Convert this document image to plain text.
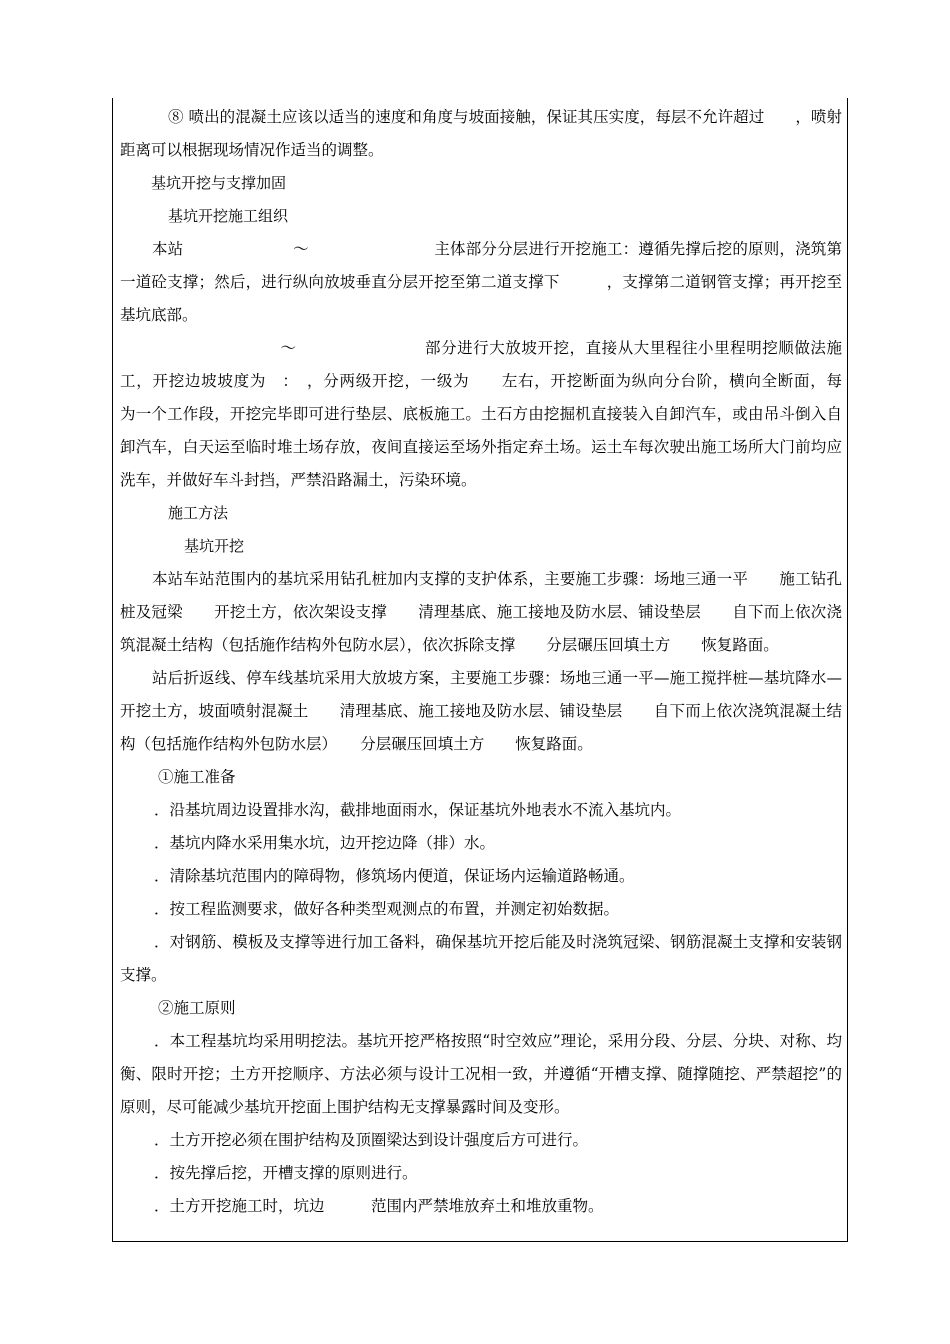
⑧ 喷出的混凝土应该以适当的速度和角度与坡面接触，保证其压实度，每层不允许超过　　，喷射距离可以根据现场情况作适当的调整。

基坑开挖与支撑加固

基坑开挖施工组织

本站　　　　　　　～　　　　　　　　主体部分分层进行开挖施工：遵循先撑后挖的原则，浇筑第一道砼支撑；然后，进行纵向放坡垂直分层开挖至第二道支撑下　　　，支撑第二道钢管支撑；再开挖至基坑底部。

　　　　　　　　～　　　　　　　　部分进行大放坡开挖，直接从大里程往小里程明挖顺做法施工，开挖边坡坡度为　：　，分两级开挖，一级为　　左右，开挖断面为纵向分台阶，横向全断面，每　　为一个工作段，开挖完毕即可进行垫层、底板施工。土石方由挖掘机直接装入自卸汽车，或由吊斗倒入自卸汽车，白天运至临时堆土场存放，夜间直接运至场外指定弃土场。运土车每次驶出施工场所大门前均应洗车，并做好车斗封挡，严禁沿路漏土，污染环境。

施工方法

基坑开挖

本站车站范围内的基坑采用钻孔桩加内支撑的支护体系，主要施工步骤：场地三通一平　　施工钻孔桩及冠梁　　开挖土方，依次架设支撑　　清理基底、施工接地及防水层、铺设垫层　　自下而上依次浇筑混凝土结构（包括施作结构外包防水层），依次拆除支撑　　分层碾压回填土方　　恢复路面。

站后折返线、停车线基坑采用大放坡方案，主要施工步骤：场地三通一平—施工搅拌桩—基坑降水—开挖土方，坡面喷射混凝土　　清理基底、施工接地及防水层、铺设垫层　　自下而上依次浇筑混凝土结构（包括施作结构外包防水层）　　分层碾压回填土方　　恢复路面。

①施工准备

．沿基坑周边设置排水沟，截排地面雨水，保证基坑外地表水不流入基坑内。

．基坑内降水采用集水坑，边开挖边降（排）水。

．清除基坑范围内的障碍物，修筑场内便道，保证场内运输道路畅通。

．按工程监测要求，做好各种类型观测点的布置，并测定初始数据。

．对钢筋、模板及支撑等进行加工备料，确保基坑开挖后能及时浇筑冠梁、钢筋混凝土支撑和安装钢支撑。

②施工原则

．本工程基坑均采用明挖法。基坑开挖严格按照“时空效应”理论，采用分段、分层、分块、对称、均衡、限时开挖；土方开挖顺序、方法必须与设计工况相一致，并遵循“开槽支撑、随撑随挖、严禁超挖”的原则，尽可能减少基坑开挖面上围护结构无支撑暴露时间及变形。

．土方开挖必须在围护结构及顶圈梁达到设计强度后方可进行。

．按先撑后挖，开槽支撑的原则进行。

．土方开挖施工时，坑边　　　范围内严禁堆放弃土和堆放重物。
